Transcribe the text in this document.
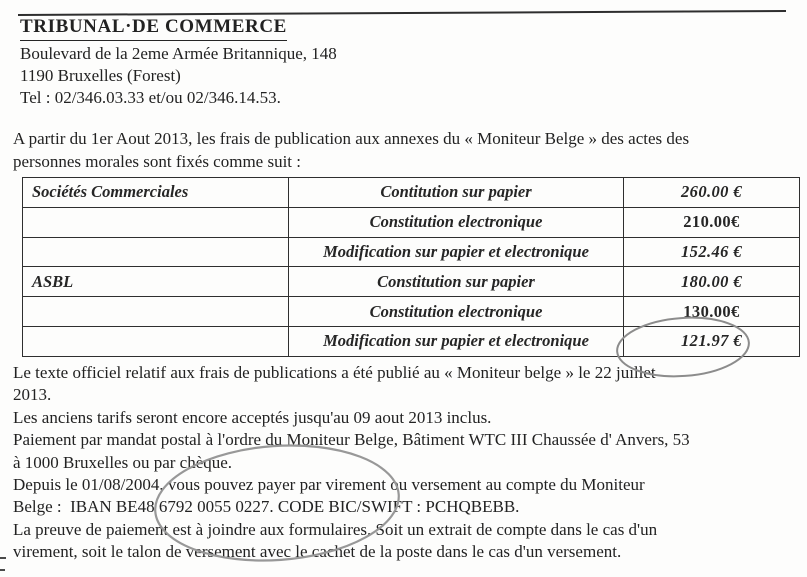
TRIBUNAL·DE COMMERCE
Boulevard de la 2eme Armée Britannique, 148
1190 Bruxelles (Forest)
Tel : 02/346.03.33 et/ou 02/346.14.53.
A partir du 1er Aout 2013, les frais de publication aux annexes du « Moniteur Belge » des actes des
personnes morales sont fixés comme suit :
Sociétés Commerciales	Contitution sur papier	260.00 €
	Constitution electronique	210.00€
	Modification sur papier et electronique	152.46 €
ASBL	Constitution sur papier	180.00 €
	Constitution electronique	130.00€
	Modification sur papier et electronique	121.97 €
Le texte officiel relatif aux frais de publications a été publié au « Moniteur belge » le 22 juillet
2013.
Les anciens tarifs seront encore acceptés jusqu'au 09 aout 2013 inclus.
Paiement par mandat postal à l'ordre du Moniteur Belge, Bâtiment WTC III Chaussée d' Anvers, 53
à 1000 Bruxelles ou par chèque.
Depuis le 01/08/2004, vous pouvez payer par virement ou versement au compte du Moniteur
Belge :  IBAN BE48 6792 0055 0227. CODE BIC/SWIFT : PCHQBEBB.
La preuve de paiement est à joindre aux formulaires. Soit un extrait de compte dans le cas d'un
virement, soit le talon de versement avec le cachet de la poste dans le cas d'un versement.
